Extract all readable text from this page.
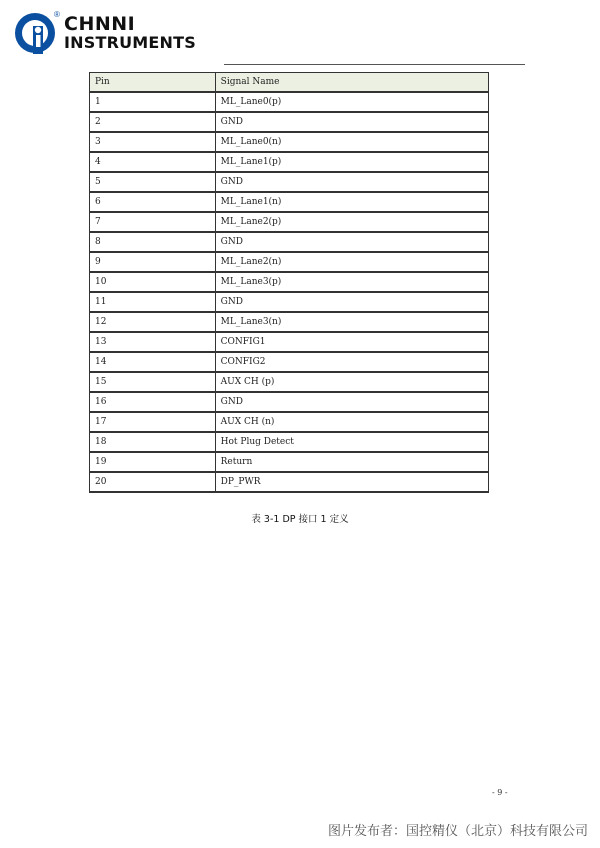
® CHNNI
INSTRUMENTS
Pin	Signal Name
1	ML_Lane0(p)
2	GND
3	ML_Lane0(n)
4	ML_Lane1(p)
5	GND
6	ML_Lane1(n)
7	ML_Lane2(p)
8	GND
9	ML_Lane2(n)
10	ML_Lane3(p)
11	GND
12	ML_Lane3(n)
13	CONFIG1
14	CONFIG2
15	AUX CH (p)
16	GND
17	AUX CH (n)
18	Hot Plug Detect
19	Return
20	DP_PWR
表 3-1 DP 接口 1 定义
- 9 -
图片发布者：国控精仪（北京）科技有限公司
